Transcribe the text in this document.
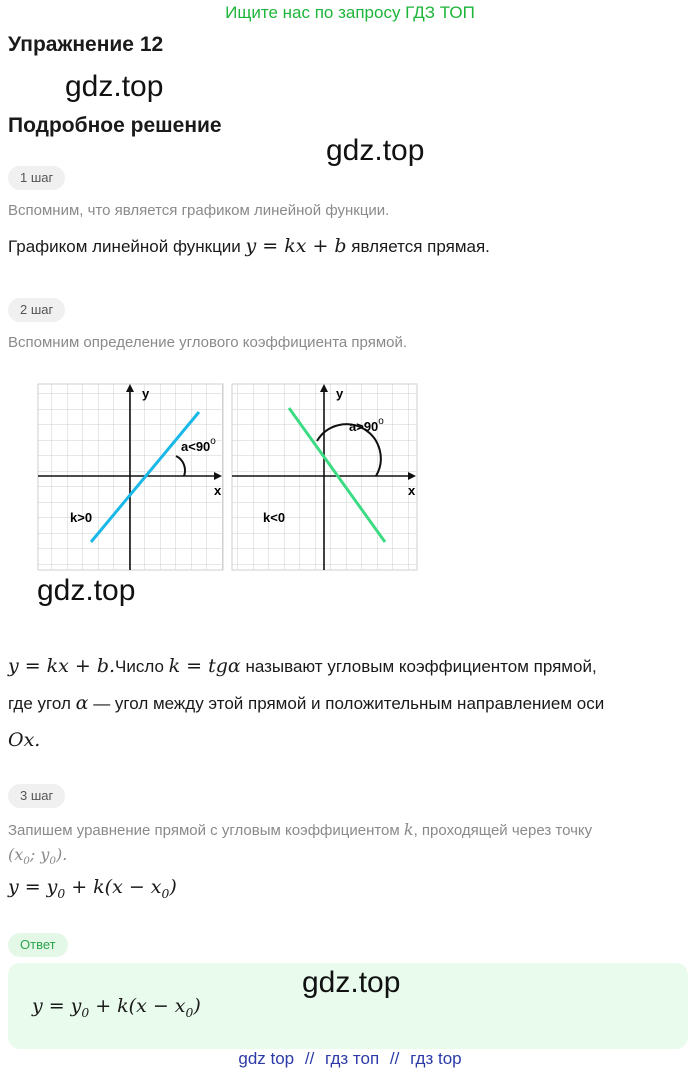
Ищите нас по запросу ГДЗ ТОП
Упражнение 12
gdz.top
Подробное решение
gdz.top
1 шаг
Вспомним, что является графиком линейной функции.
Графиком линейной функции y = kx + b является прямая.
2 шаг
Вспомним определение углового коэффициента прямой.
x
y
$a<90^o$
k>0
x
y
$a>90^o$
k<0
gdz.top
y = kx + b.Число k = tgα называют угловым коэффициентом прямой,
где угол α — угол между этой прямой и положительным направлением оси
Ox.
3 шаг
Запишем уравнение прямой с угловым коэффициентом k, проходящей через точку
($x_0$; $y_0$).
$y = y_0 + k(x - x_0)$
Ответ
gdz.top
$y = y_0 + k(x - x_0)$
gdz top // гдз топ // гдз top
